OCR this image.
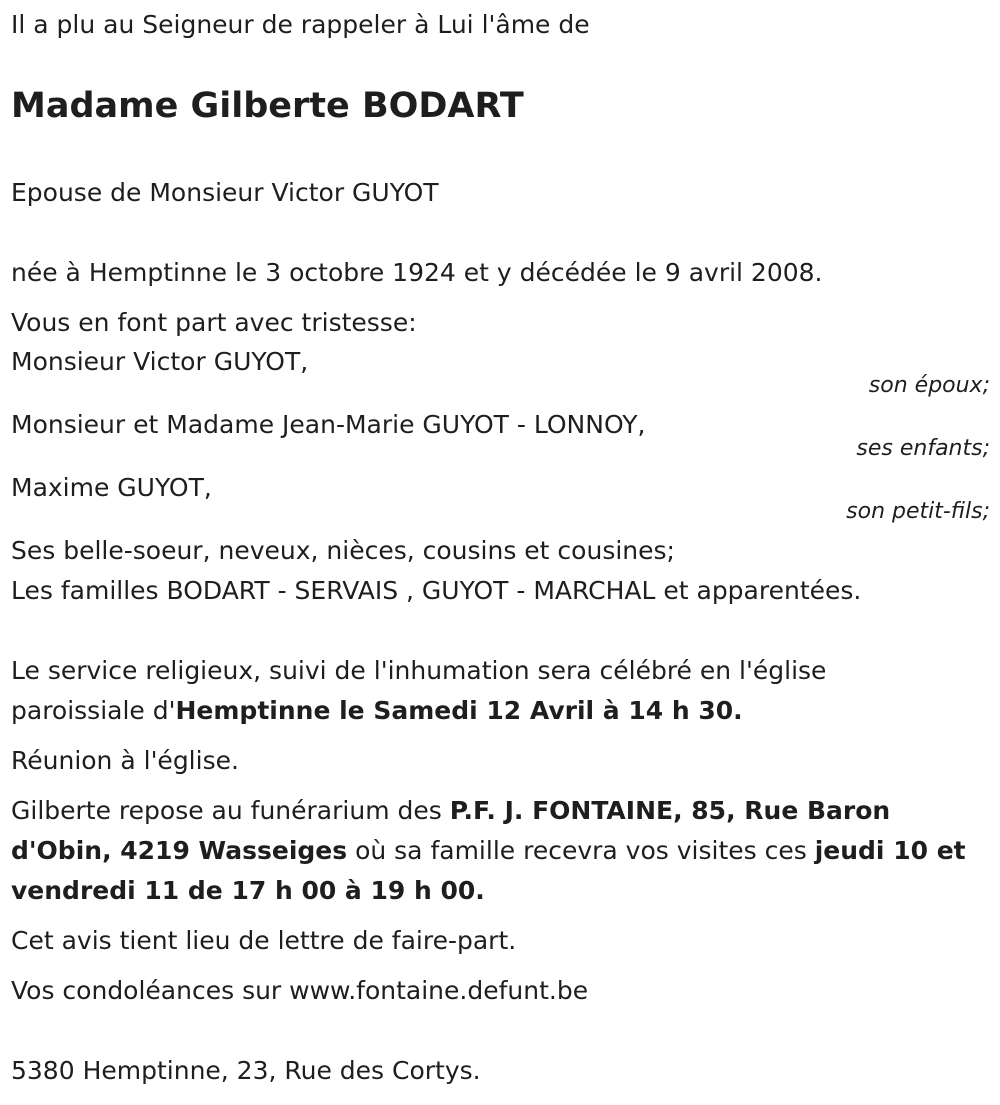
Il a plu au Seigneur de rappeler à Lui l'âme de
Madame Gilberte BODART
Epouse de Monsieur Victor GUYOT
née à Hemptinne le 3 octobre 1924 et y décédée le 9 avril 2008.
Vous en font part avec tristesse:
Monsieur Victor GUYOT,
son époux;
Monsieur et Madame Jean-Marie GUYOT - LONNOY,
ses enfants;
Maxime GUYOT,
son petit-fils;
Ses belle-soeur, neveux, nièces, cousins et cousines;
Les familles BODART - SERVAIS , GUYOT - MARCHAL et apparentées.
Le service religieux, suivi de l'inhumation sera célébré en l'église
paroissiale d'Hemptinne le Samedi 12 Avril à 14 h 30.
Réunion à l'église.
Gilberte repose au funérarium des P.F. J. FONTAINE, 85, Rue Baron d'Obin, 4219 Wasseiges où sa famille recevra vos visites ces jeudi 10 et vendredi 11 de 17 h 00 à 19 h 00.
Cet avis tient lieu de lettre de faire-part.
Vos condoléances sur www.fontaine.defunt.be
5380 Hemptinne, 23, Rue des Cortys.
